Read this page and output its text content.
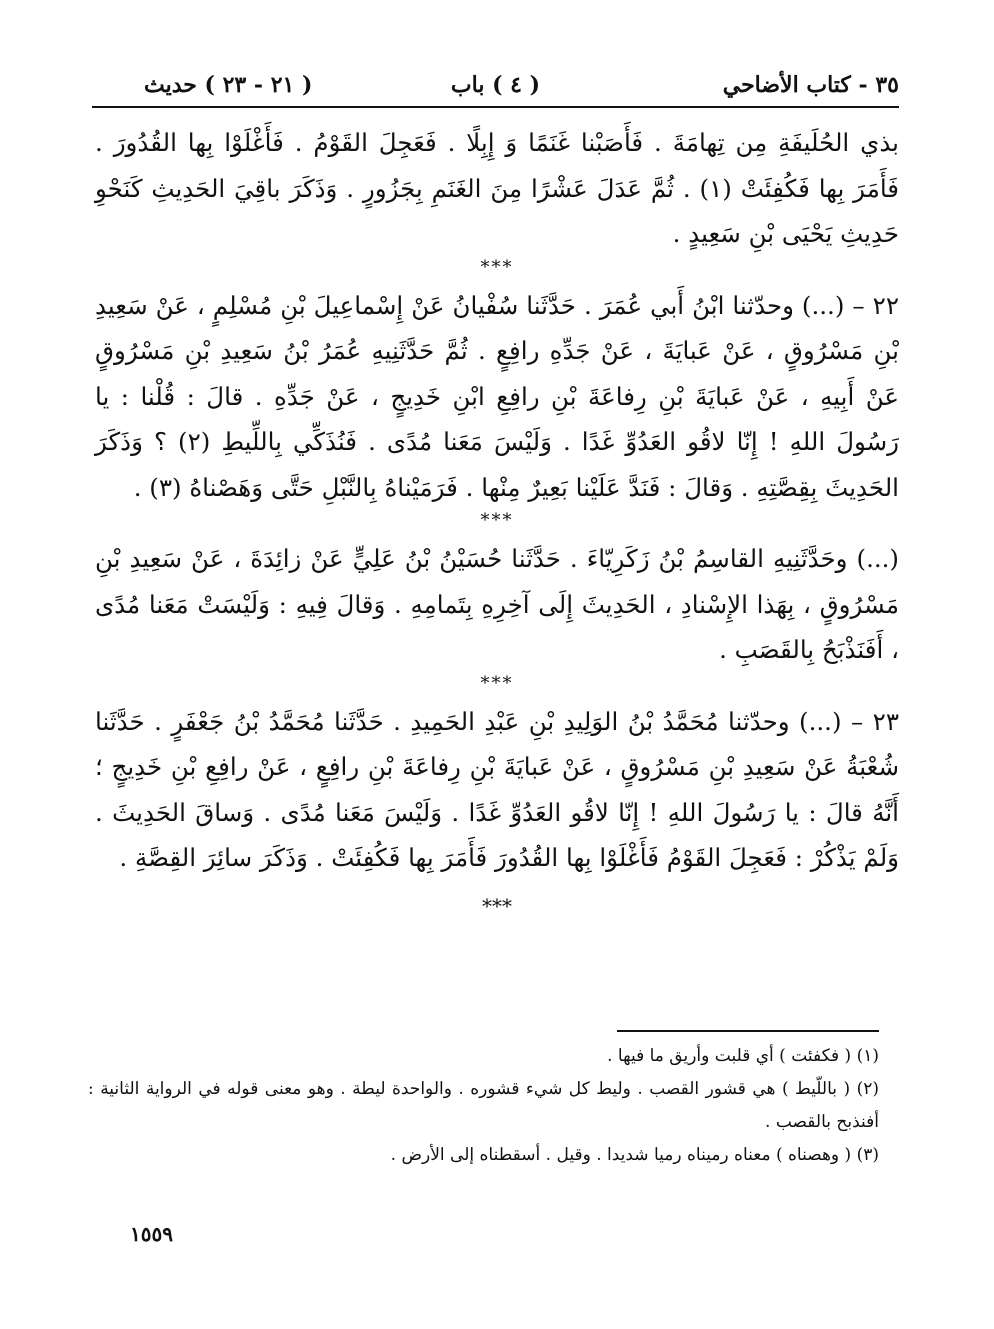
٣٥ - كتاب الأضاحي
( ٤ ) باب
( ٢١ - ٢٣ ) حديث

بذي الحُلَيفَةِ مِن تِهامَةَ . فَأَصَبْنا غَنَمًا وَ إِبِلًا . فَعَجِلَ القَوْمُ . فَأَغْلَوْا بِها القُدُورَ . فَأَمَرَ بِها فَكُفِئَتْ (١) . ثُمَّ عَدَلَ عَشْرًا مِنَ الغَنَمِ بِجَزُورٍ . وَذَكَرَ باقِيَ الحَدِيثِ كَنَحْوِ حَدِيثِ يَحْيَى بْنِ سَعِيدٍ .

***

٢٢ – (...) وحدّثنا ابْنُ أَبي عُمَرَ . حَدَّثَنا سُفْيانُ عَنْ إِسْماعِيلَ بْنِ مُسْلِمٍ ، عَنْ سَعِيدِ بْنِ مَسْرُوقٍ ، عَنْ عَبايَةَ ، عَنْ جَدِّهِ رافِعٍ . ثُمَّ حَدَّثَنِيهِ عُمَرُ بْنُ سَعِيدِ بْنِ مَسْرُوقٍ عَنْ أَبِيهِ ، عَنْ عَبايَةَ بْنِ رِفاعَةَ بْنِ رافِعِ ابْنِ خَدِيجٍ ، عَنْ جَدِّهِ . قالَ : قُلْنا : يا رَسُولَ اللهِ ! إِنّا لاقُو العَدُوِّ غَدًا . وَلَيْسَ مَعَنا مُدًى . فَنُذَكِّي بِاللِّيطِ (٢) ؟ وَذَكَرَ الحَدِيثَ بِقِصَّتِهِ . وَقالَ : فَنَدَّ عَلَيْنا بَعِيرٌ مِنْها . فَرَمَيْناهُ بِالنَّبْلِ حَتَّى وَهَصْناهُ (٣) .

***

(...) وحَدَّثَنِيهِ القاسِمُ بْنُ زَكَرِيّاءَ . حَدَّثَنا حُسَيْنُ بْنُ عَلِيٍّ عَنْ زائِدَةَ ، عَنْ سَعِيدِ بْنِ مَسْرُوقٍ ، بِهَذا الإِسْنادِ ، الحَدِيثَ إِلَى آخِرِهِ بِتَمامِهِ . وَقالَ فِيهِ : وَلَيْسَتْ مَعَنا مُدًى ، أَفَنَذْبَحُ بِالقَصَبِ .

***

٢٣ – (...) وحدّثنا مُحَمَّدُ بْنُ الوَلِيدِ بْنِ عَبْدِ الحَمِيدِ . حَدَّثَنا مُحَمَّدُ بْنُ جَعْفَرٍ . حَدَّثَنا شُعْبَةُ عَنْ سَعِيدِ بْنِ مَسْرُوقٍ ، عَنْ عَبايَةَ بْنِ رِفاعَةَ بْنِ رافِعٍ ، عَنْ رافِعِ بْنِ خَدِيجٍ ؛ أَنَّهُ قالَ : يا رَسُولَ اللهِ ! إِنّا لاقُو العَدُوِّ غَدًا . وَلَيْسَ مَعَنا مُدًى . وَساقَ الحَدِيثَ . وَلَمْ يَذْكُرْ : فَعَجِلَ القَوْمُ فَأَغْلَوْا بِها القُدُورَ فَأَمَرَ بِها فَكُفِئَتْ . وَذَكَرَ سائِرَ القِصَّةِ .

***

(١) ( فكفئت ) أي قلبت وأريق ما فيها .

(٢) ( باللّيط ) هي قشور القصب . وليط كل شيء قشوره . والواحدة ليطة . وهو معنى قوله في الرواية الثانية : أفنذبح بالقصب .

(٣) ( وهصناه ) معناه رميناه رميا شديدا . وقيل . أسقطناه إلى الأرض .

١٥٥٩
